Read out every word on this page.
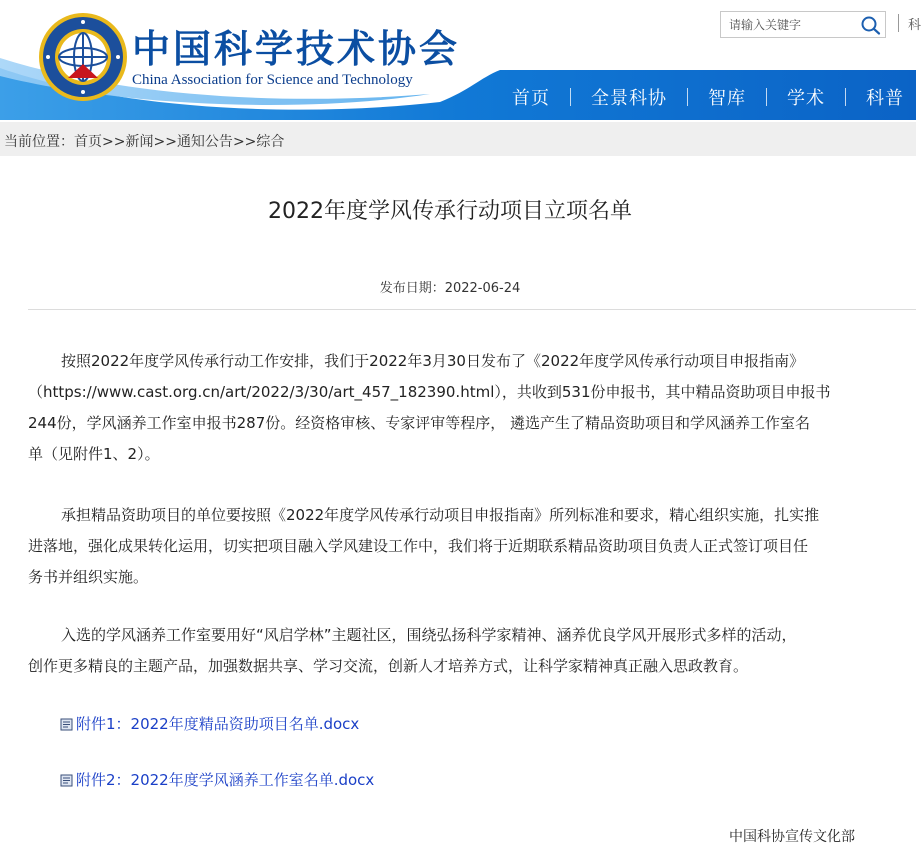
中国科学技术协会
China Association for Science and Technology
请输入关键字
科
首页	全景科协	智库	学术	科普
当前位置：首页>>新闻>>通知公告>>综合
2022年度学风传承行动项目立项名单
发布日期：2022-06-24
按照2022年度学风传承行动工作安排，我们于2022年3月30日发布了《2022年度学风传承行动项目申报指南》
（https://www.cast.org.cn/art/2022/3/30/art_457_182390.html），共收到531份申报书，其中精品资助项目申报书
244份，学风涵养工作室申报书287份。经资格审核、专家评审等程序， 遴选产生了精品资助项目和学风涵养工作室名
单（见附件1、2）。
承担精品资助项目的单位要按照《2022年度学风传承行动项目申报指南》所列标准和要求，精心组织实施，扎实推
进落地，强化成果转化运用，切实把项目融入学风建设工作中，我们将于近期联系精品资助项目负责人正式签订项目任
务书并组织实施。
入选的学风涵养工作室要用好“风启学林”主题社区，围绕弘扬科学家精神、涵养优良学风开展形式多样的活动，
创作更多精良的主题产品，加强数据共享、学习交流，创新人才培养方式，让科学家精神真正融入思政教育。
附件1：2022年度精品资助项目名单.docx
附件2：2022年度学风涵养工作室名单.docx
中国科协宣传文化部
